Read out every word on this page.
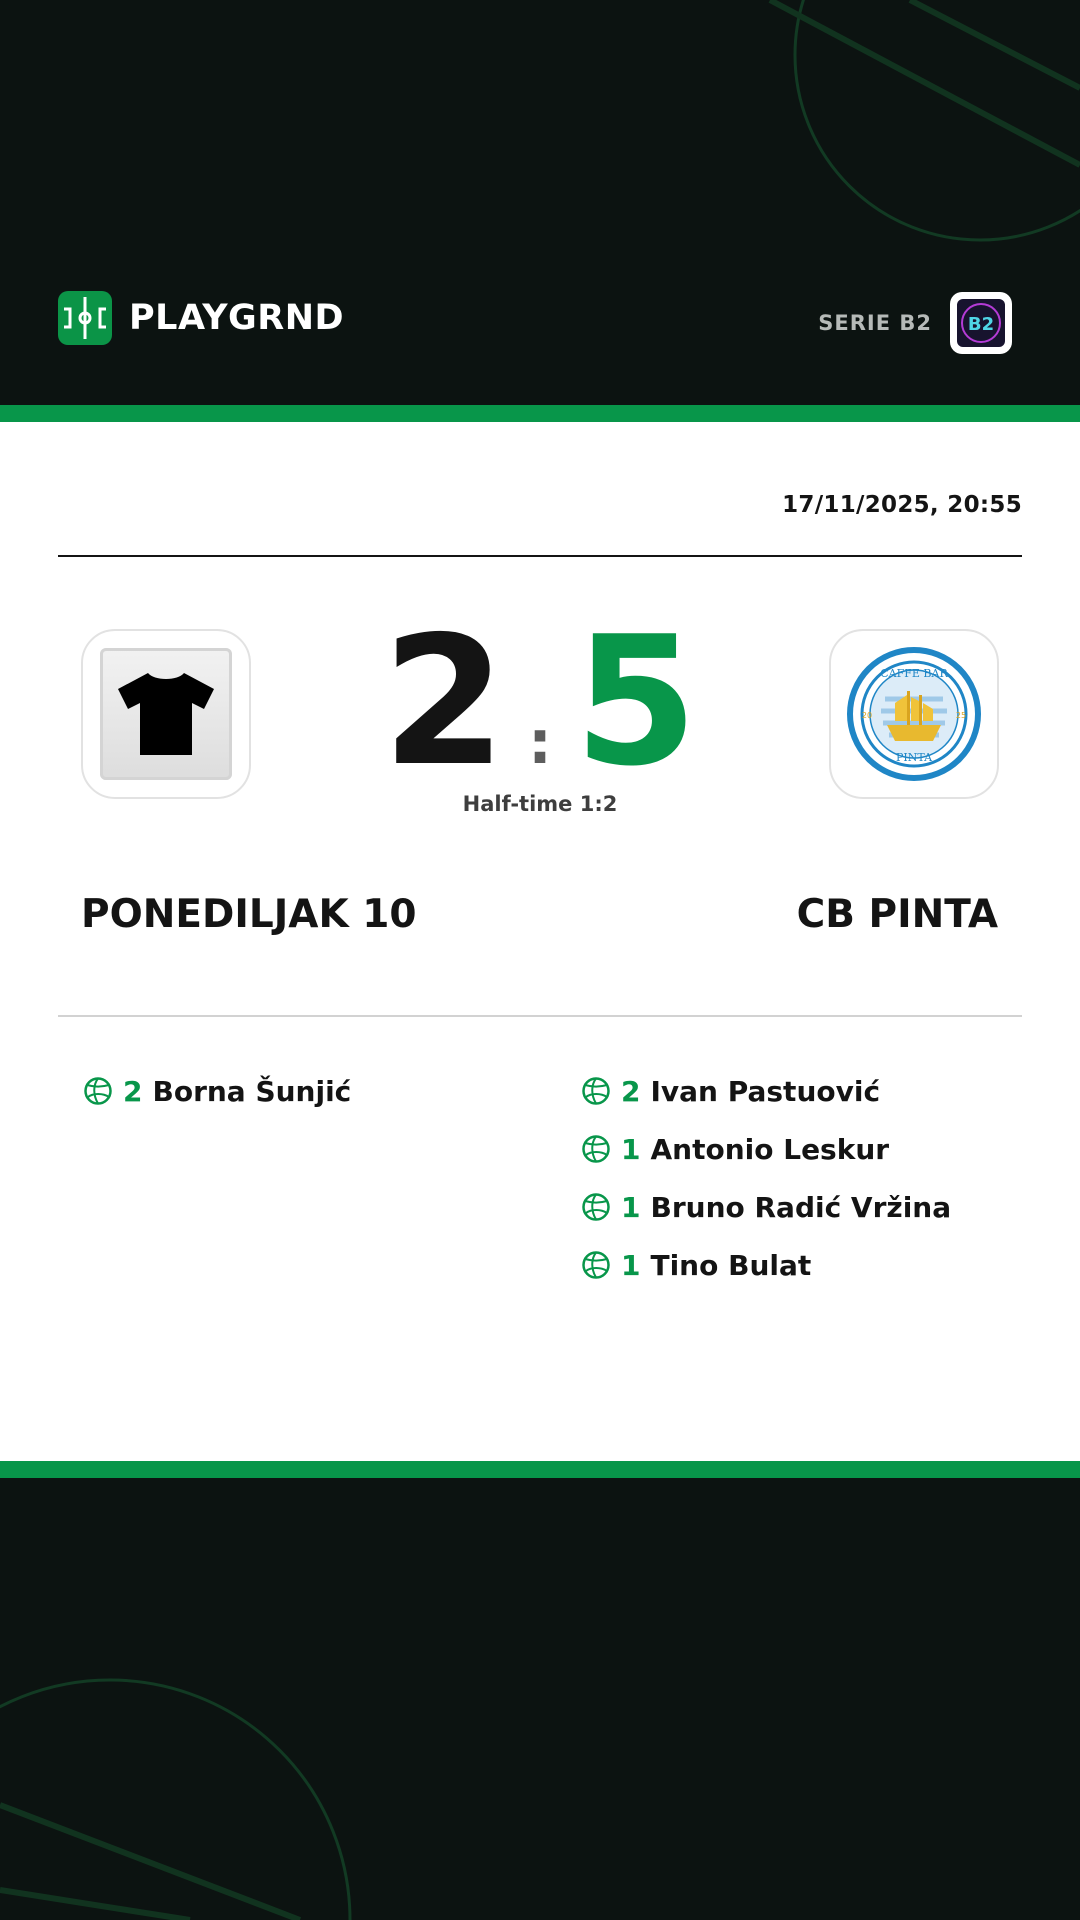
PLAYGRND	SERIE B2 B2
17/11/2025, 20:55
2 : 5
Half-time 1:2
CAFFE BAR
PINTA
20	25
PONEDILJAK 10	CB PINTA
2 Borna Šunjić	2 Ivan Pastuović
1 Antonio Leskur
1 Bruno Radić Vržina
1 Tino Bulat
